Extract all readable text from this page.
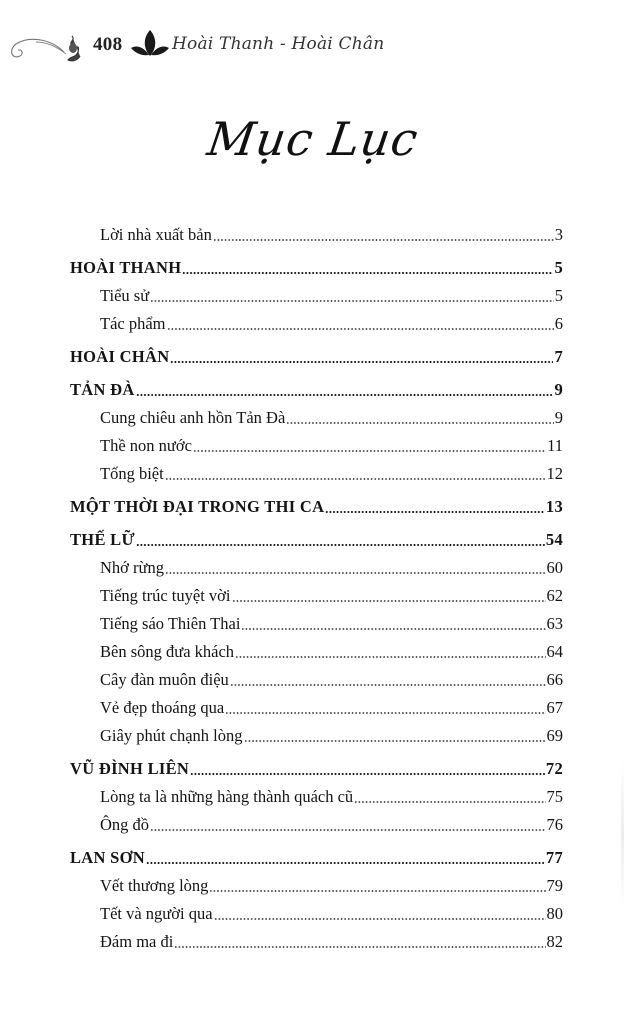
408	Hoài Thanh - Hoài Chân
Mục Lục
Lời nhà xuất bản	3
HOÀI THANH	5
Tiểu sử	5
Tác phẩm	6
HOÀI CHÂN	7
TẢN ĐÀ	9
Cung chiêu anh hồn Tản Đà	9
Thề non nước	11
Tống biệt	12
MỘT THỜI ĐẠI TRONG THI CA	13
THẾ LỮ	54
Nhớ rừng	60
Tiếng trúc tuyệt vời	62
Tiếng sáo Thiên Thai	63
Bên sông đưa khách	64
Cây đàn muôn điệu	66
Vẻ đẹp thoáng qua	67
Giây phút chạnh lòng	69
VŨ ĐÌNH LIÊN	72
Lòng ta là những hàng thành quách cũ	75
Ông đồ	76
LAN SƠN	77
Vết thương lòng	79
Tết và người qua	80
Đám ma đi	82
